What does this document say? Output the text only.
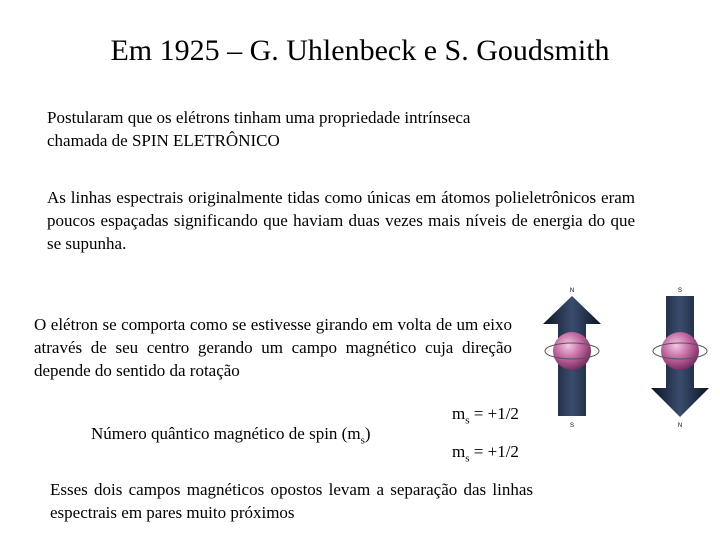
Em 1925 – G. Uhlenbeck e S. Goudsmith
Postularam que os elétrons tinham uma propriedade intrínseca chamada de SPIN ELETRÔNICO
As linhas espectrais originalmente tidas como únicas em átomos polieletrônicos eram poucos espaçadas significando que haviam duas vezes mais níveis de energia do que se supunha.
O elétron se comporta como se estivesse girando em volta de um eixo através de seu centro gerando um campo magnético cuja direção depende do sentido da rotação
Número quântico magnético de spin $(m_s)$
$m_s = +1/2$
$m_s = +1/2$
Esses dois campos magnéticos opostos levam a separação das linhas espectrais em pares muito próximos
N
S
S
N
